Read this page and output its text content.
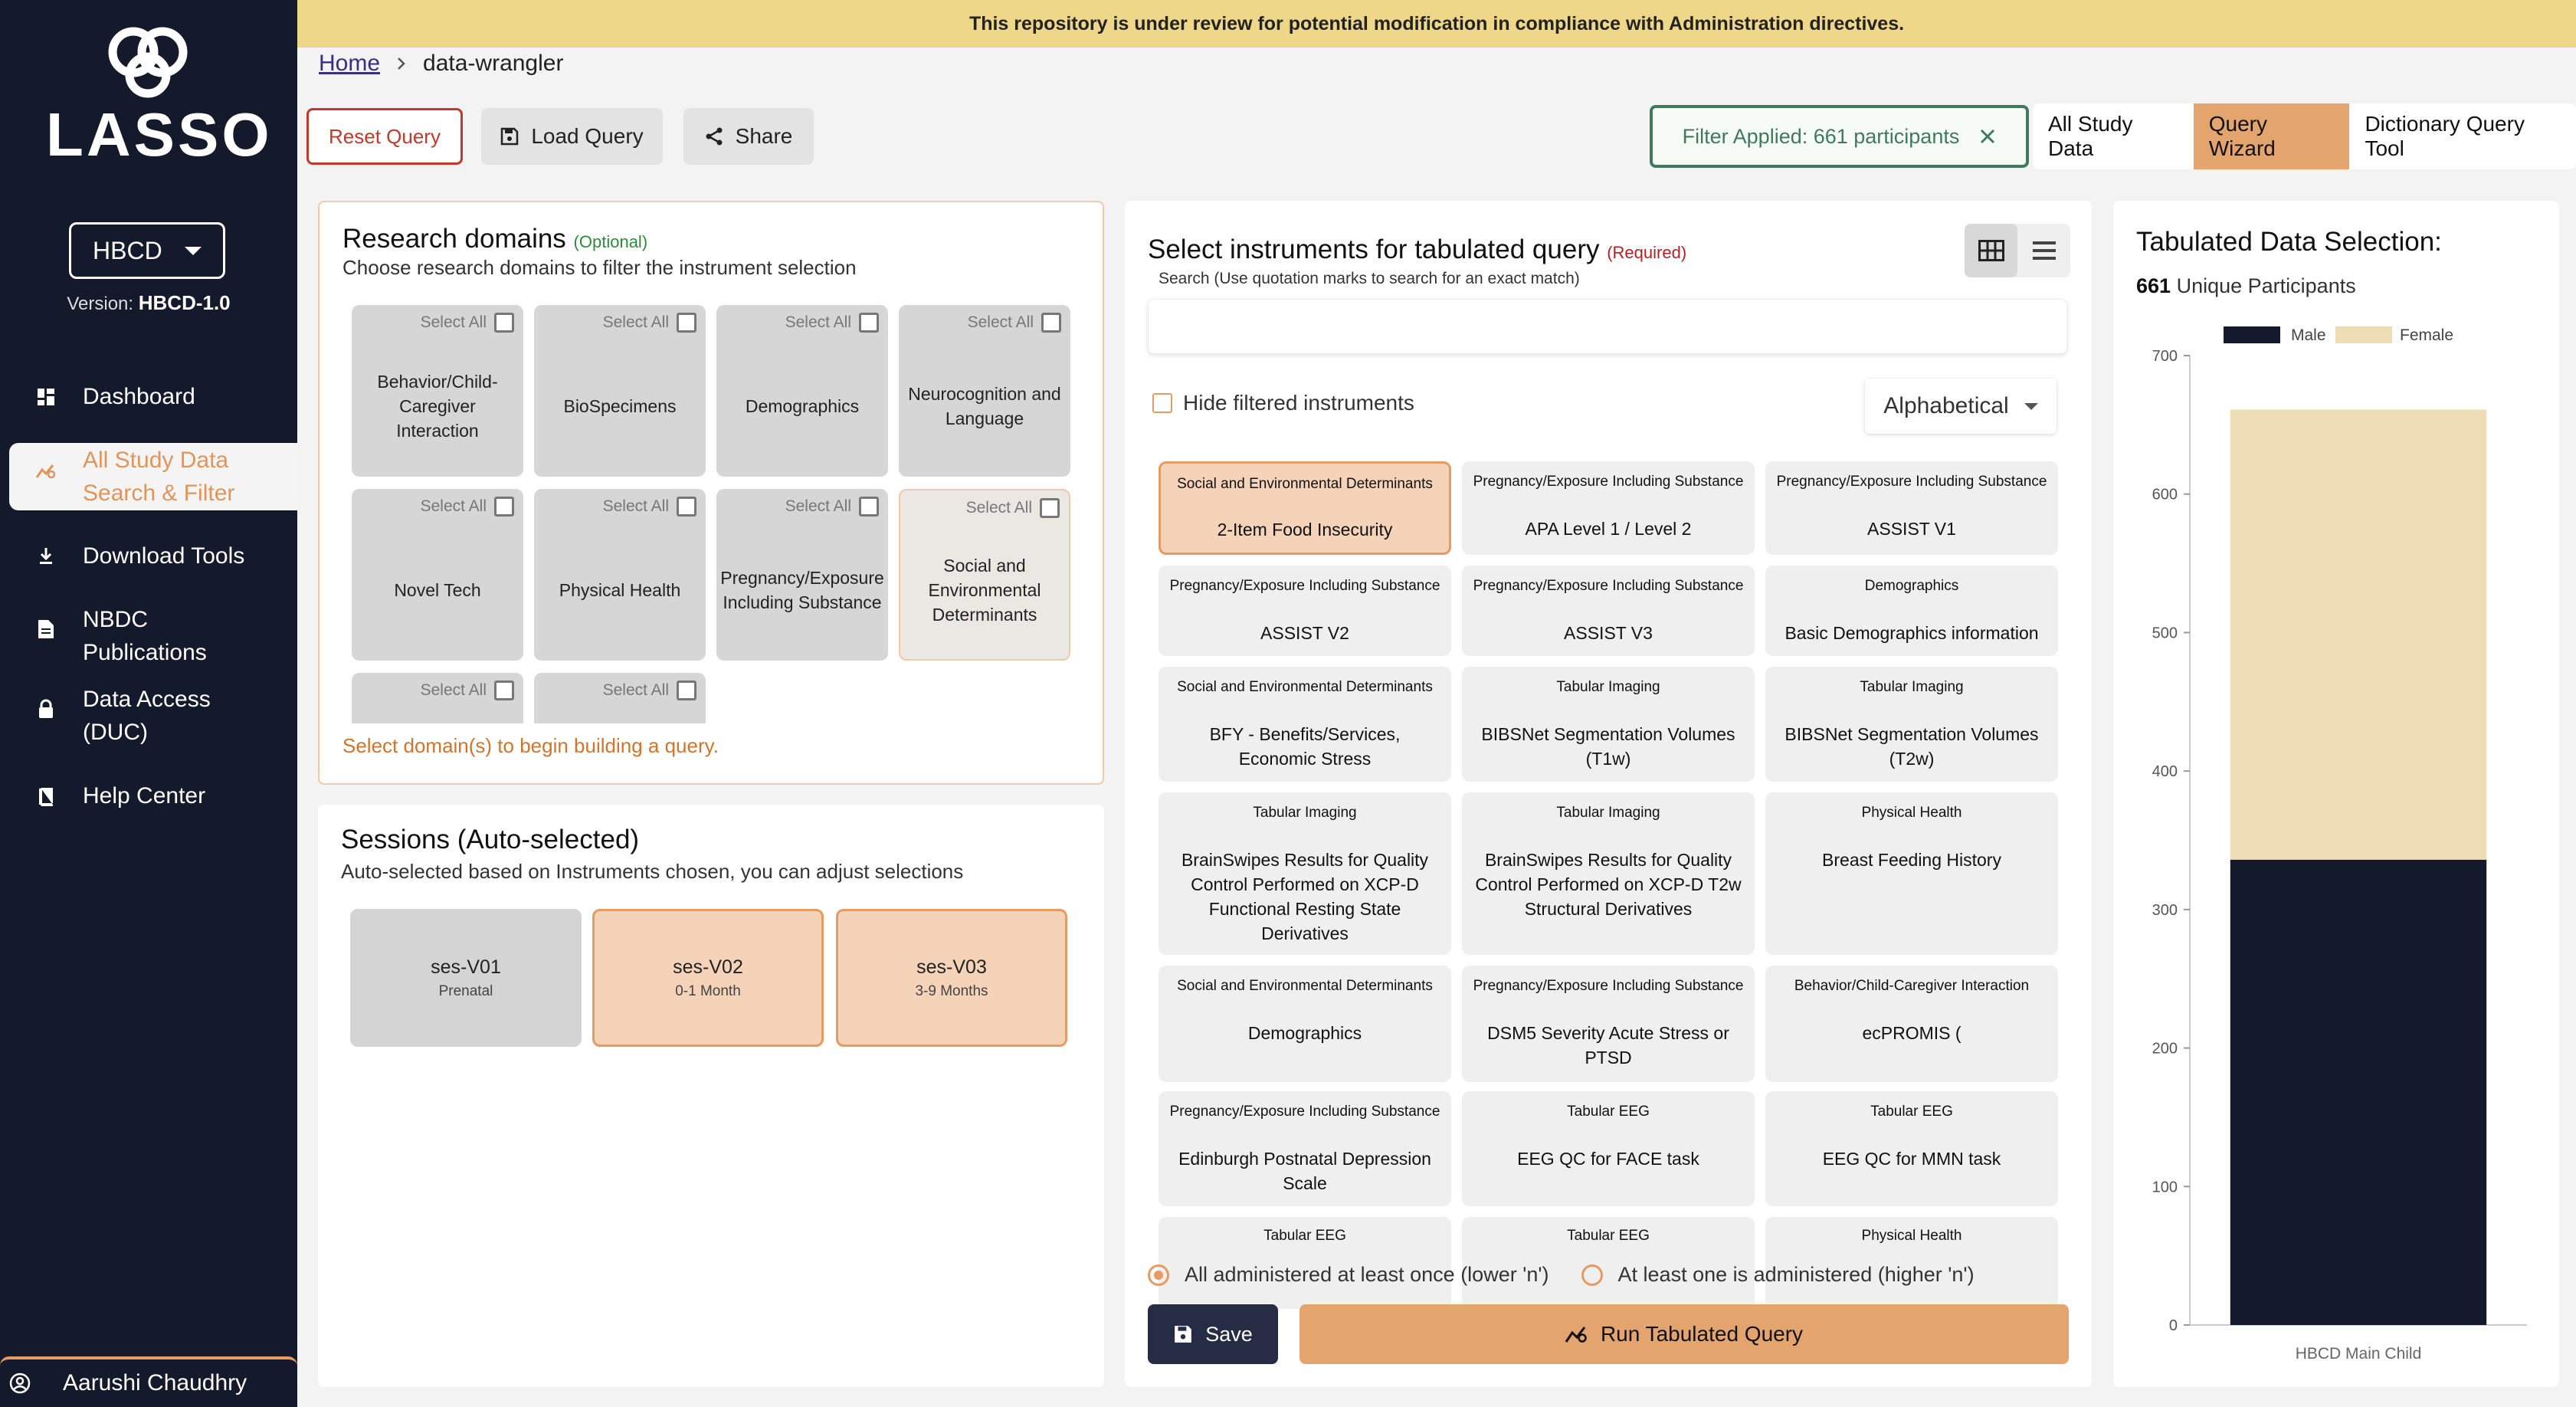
LASSO
HBCD
Version: HBCD-1.0
Dashboard
All Study Data Search & Filter
Download Tools
NBDC Publications
Data Access (DUC)
Help Center
Aarushi Chaudhry
This repository is under review for potential modification in compliance with Administration directives.
Home data-wrangler
Reset Query	Load Query	Share	Filter Applied: 661 participants
All Study Data
Query Wizard
Dictionary Query Tool
Research domains (Optional)
Choose research domains to filter the instrument selection
Select All
Behavior/Child-Caregiver Interaction
Select All
BioSpecimens
Select All
Demographics
Select All
Neurocognition and Language
Select All
Novel Tech
Select All
Physical Health
Select All
Pregnancy/Exposure Including Substance
Select All
Social and Environmental Determinants
Select All	Select All
Select domain(s) to begin building a query.
Sessions (Auto-selected)
Auto-selected based on Instruments chosen, you can adjust selections
ses-V01
Prenatal
ses-V02
0-1 Month
ses-V03
3-9 Months
Select instruments for tabulated query (Required)
Search (Use quotation marks to search for an exact match)
Hide filtered instruments	Alphabetical
Social and Environmental Determinants
2-Item Food Insecurity
Pregnancy/Exposure Including Substance
APA Level 1 / Level 2
Pregnancy/Exposure Including Substance
ASSIST V1
Pregnancy/Exposure Including Substance
ASSIST V2
Pregnancy/Exposure Including Substance
ASSIST V3
Demographics
Basic Demographics information
Social and Environmental Determinants
BFY - Benefits/Services, Economic Stress
Tabular Imaging
BIBSNet Segmentation Volumes (T1w)
Tabular Imaging
BIBSNet Segmentation Volumes (T2w)
Tabular Imaging
BrainSwipes Results for Quality Control Performed on XCP-D Functional Resting State Derivatives
Tabular Imaging
BrainSwipes Results for Quality Control Performed on XCP-D T2w Structural Derivatives
Physical Health
Breast Feeding History
Social and Environmental Determinants
Demographics
Pregnancy/Exposure Including Substance
DSM5 Severity Acute Stress or PTSD
Behavior/Child-Caregiver Interaction
ecPROMIS (
Pregnancy/Exposure Including Substance
Edinburgh Postnatal Depression Scale
Tabular EEG
EEG QC for FACE task
Tabular EEG
EEG QC for MMN task
Tabular EEG	Tabular EEG	Physical Health
All administered at least once (lower 'n')	At least one is administered (higher 'n')
Save	Run Tabulated Query
Tabulated Data Selection:
661 Unique Participants
Male	Female
0
100
200
300
400
500
600
700
HBCD Main Child
